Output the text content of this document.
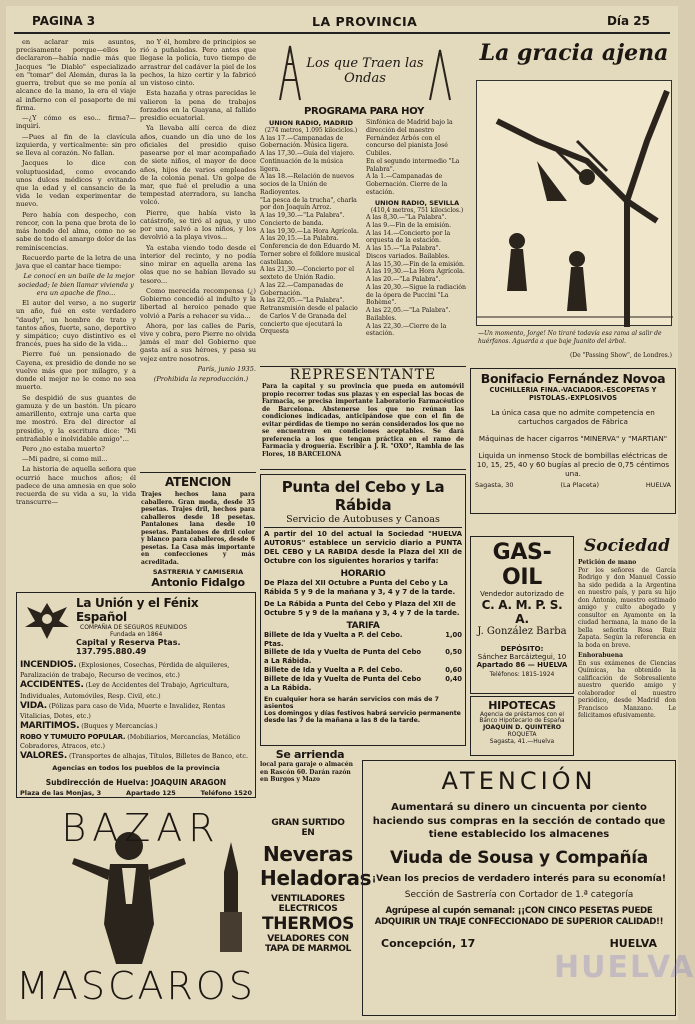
PAGINA 3	LA PROVINCIA	Día 25

en aclarar mis asuntos, precisamente porque—ellos lo declararon—había nadie más que Jacques "le Diablo" especializado en "tomar" del Alemán, duras la la guerra, trebut que se me ponía al alcance de la mano, la era el viaje al infierno con el pasaporte de mi firma.

—¿Y cómo es eso... firma?—inquirí.

—Pues al fin de la clavícula izquierda, y verticalmente: sin pro se lleva al corazón. No fallan.

Jacques lo dice con voluptuosidad, como evocando unos dulces médicos y evitando que la edad y el cansancio de la vida le vedan experimentar de nuevo.

Pero había con despecho, con rencor, con la pena que brota de lo más hondo del alma, como no se sabe de todo el amargo dolor de las reminiscencias.

Recuerdo parte de la letra de una java que el cantar hace tiempo:

Le conocí en un baile de la mejor sociedad; le bien llamar vivienda y era un apache de fino...

El autor del verso, a no sugerir un año, fué en este verdadero "daudy", un hombre de trato y tantos años, fuerte, sano, deportivo y simpático; cuyo distintivo es el francés, pues ha sido de la vida...

Pierre fué un pensionado de Cayena, ex presidio de donde no se vuelve más que por milagro, y a donde el mejor no le como no sea muerto.

Se despidió de sus guantes de gamuza y de un bastón. Un pícaro amarillento, extraje una carta que me mostró. Era del director al presidio, y la escritura dice: "Mi entrañable e inolvidable amigo"...

Pero ¿no estaba muerto?

—Mi padre, si como mil...

La historia de aquella señora que ocurrió hace muchos años; él padece de una amnesia en que solo recuerda de su vida a su, la vida transcurre—

no Y él, hombre de principios se rió a puñaladas. Pero antes que llegase la policía, tuvo tiempo de arrastrar del cadáver la piel de los pechos, la hizo certir y la fabricó un vistoso cinto.

Esta hazaña y otras parecidas le valieron la pena de trabajos forzados en la Guayana, al fallido presidio ecuatorial.

Ya llevaba allí cerca de diez años, cuando un día uno de los oficiales del presidio quiso pasearse por el mar acompañado de siete niños, el mayor de doce años, hijos de varios empleados de la colonia penal. Un golpe de mar, que fué el preludio a una tempestad aterradora, su lancha volcó.

Pierre, que había visto la catástrofe, se tiró al agua, y uno por uno, salvó a los niños, y los devolvió a la playa vivos...

Ya estaba viendo todo desde el interior del recinto, y no podía sino mirar en aquella arena las olas que no se habían llevado su tesoro...

Como merecida recompensa (¿) Gobierno concedió al indulto y la libertad al heroico penado que volvió a París a rehacer su vida...

Ahora, por las calles de París, vive y cobra, pero Pierre no olvida jamás el mar del Gobierno que gasta así a sus héroes, y pasa su vejez entre nosotros.

París, junio 1935.

(Prohibida la reproducción.)

ATENCION
Trajes hechos lana para caballero. Gran moda, desde 35 pesetas. Trajes dril, hechos para caballeros desde 18 pesetas. Pantalones lana desde 10 pesetas. Pantalones de dril color y blanco para caballeros, desde 6 pesetas. La Casa más importante en confecciones y más acreditada.
SASTRERIA Y CAMISERIA
Antonio Fidalgo
La Unión y el Fénix Español
COMPAÑIA DE SEGUROS REUNIDOS
Fundada en 1864
Capital y Reserva Ptas. 137.795.880.49
INCENDIOS. (Explosiones, Cosechas, Pérdida de alquileres, Paralización de trabajo, Recurso de vecinos, etc.)
ACCIDENTES. (Ley de Accidentes del Trabajo, Agricultura, Individuales, Automóviles, Resp. Civil, etc.)
VIDA. (Pólizas para caso de Vida, Muerte e Invalidez, Rentas Vitalicias, Dotes, etc.)
MARITIMOS. (Buques y Mercancías.)
ROBO Y TUMULTO POPULAR. (Mobiliarios, Mercancías, Metálico Cobradores, Atracos, etc.)
VALORES. (Transportes de alhajas, Títulos, Billetes de Banco, etc.
Agencias en todos los pueblos de la provincia
Subdirección de Huelva: JOAQUIN ARAGON
Plaza de las Monjas, 3	Apartado 125	Teléfono 1520
BAZAR
MASCAROS
GRAN SURTIDO
EN
Neveras
Heladoras
VENTILADORES
ELECTRICOS
THERMOS
VELADORES CON
TAPA DE MARMOL
Los que Traen las Ondas
PROGRAMA PARA HOY
UNION RADIO, MADRID
(274 metros, 1.095 kilociclos.)
A las 17.—Campanadas de Gobernación. Música ligera.
A las 17,30.—Guía del viajero. Continuación de la música ligera.
A las 18.—Relación de nuevos socios de la Unión de Radioyentes.
"La pesca de la trucha", charla por don Joaquín Arroz.
A las 19,30.—"La Palabra". Concierto de banda.
A las 19,30.—La Hora Agrícola.
A las 20,15.—La Palabra. Conferencia de don Eduardo M. Torner sobre el folklore musical castellano.
A las 21,30.—Concierto por el sexteto de Unión Radio.
A las 22.—Campanadas de Gobernación.
A las 22,05.—"La Palabra". Retransmisión desde el palacio de Carlos V de Granada del concierto que ejecutará la Orquesta
Sinfónica de Madrid bajo la dirección del maestro Fernández Arbós con el concurso del pianista José Cubiles.
En el segundo intermedio "La Palabra".
A la 1.—Campanadas de Gobernación. Cierre de la estación.
UNION RADIO, SEVILLA
(410,4 metros, 751 kilociclos.)
A las 8,30.—"La Palabra".
A las 9.—Fin de la emisión.
A las 14.—Concierto por la orquesta de la estación.
A las 15.—"La Palabra".
Discos variados. Bailables.
A las 15,30.—Fin de la emisión.
A las 19,30.—La Hora Agrícola.
A las 20.—"La Palabra".
A las 20,30.—Sigue la radiación de la ópera de Puccini "La Bohème".
A las 22,05.—"La Palabra". Bailables.
A las 22,30.—Cierre de la estación.
La gracia ajena
—Un momento, Jorge! No tiraré todavía esa rama al salir de huérfanos. Aguarda a que baje Juanito del árbol.
(De "Passing Show", de Londres.)
REPRESENTANTE
Para la capital y su provincia que pueda en automóvil propio recorrer todas sus plazas y en especial las bocas de Farmacia, se precisa importante Laboratorio Farmacéutico de Barcelona. Abstenerse los que no reúnan las condiciones indicadas, anticipándose que con el fin de evitar pérdidas de tiempo no serán considerados los que no se encuentren en condiciones aceptables. Se dará preferencia a los que tengan práctica en el ramo de Farmacia y droguería. Escribir a J. R. "OXO", Rambla de las Flores, 18 BARCELONA
Bonifacio Fernández Novoa
CUCHILLERIA FINA.-VACIADOR.-ESCOPETAS Y PISTOLAS.-EXPLOSIVOS
La única casa que no admite competencia en cartuchos cargados de Fábrica
Máquinas de hacer cigarros "MINERVA" y "MARTIAN"
Liquida un inmenso Stock de bombillas eléctricas de 10, 15, 25, 40 y 60 bugías al precio de 0,75 céntimos una.
Sagasta, 30	(La Placeta)	HUELVA
Punta del Cebo y La Rábida
Servicio de Autobuses y Canoas
A partir del 10 del actual la Sociedad "HUELVA AUTORUS" establece un servicio diario a PUNTA DEL CEBO y LA RABIDA desde la Plaza del XII de Octubre con los siguientes horarios y tarifa:
HORARIO
De Plaza del XII Octubre a Punta del Cebo y La Rábida 5 y 9 de la mañana y 3, 4 y 7 de la tarde.
De La Rábida a Punta del Cebo y Plaza del XII de Octubre 5 y 9 de la mañana y 3, 4 y 7 de la tarde.
TARIFA
Billete de Ida y Vuelta a P. del Cebo. Ptas.
1,00
Billete de Ida y Vuelta de Punta del Cebo a La Rábida.
0,50
Billete de Ida y Vuelta a P. del Cebo.	0,60
Billete de Ida y Vuelta de Punta del Cebo a La Rábida.
0,40
En cualquier hora se harán servicios con más de 7 asientos
Los domingos y días festivos habrá servicio permanente desde las 7 de la mañana a las 8 de la tarde.
GAS-OIL
Vendedor autorizado de
C. A. M. P. S. A.
J. González Barba
DEPÓSITO:
Sánchez Barcáiztegui, 10
Apartado 86 — HUELVA
Teléfonos: 1815-1924
HIPOTECAS
Agencia de préstamos con el Banco Hipotecario de España
JOAQUIN D. QUINTERO
ROQUETA
Sagasta, 41.—Huelva
Sociedad
Petición de mano
Por los señores de García Rodrigo y don Manuel Cossío ha sido pedida a la Argentina en nuestro país, y para su hijo don Antonio, muestro estimado amigo y culto abogado y consultor en Ayamonte en la ciudad hermana, la mano de la bella señorita Rosa Ruiz Zapata. Según la referencia en la boda en breve.
Enhorabuena
En sus exámenes de Ciencias Químicas, ha obtenido la calificación de Sobresaliente nuestro querido amigo y colaborador el nuestro periódico, desde Madrid don Francisco Manzano. Le felicitamos efusivamente.
Se arrienda
local para garaje o almacén en Rascón 60. Darán razón en Burgos y Mazo	ATENCIÓN
Aumentará su dinero un cincuenta por ciento haciendo sus compras en la sección de contado que tiene establecido los almacenes
Viuda de Sousa y Compañía
¡Vean los precios de verdadero interés para su economía!
Sección de Sastrería con Cortador de 1.ª categoría
Agrúpese al cupón semanal: ¡¡CON CINCO PESETAS PUEDE ADQUIRIR UN TRAJE CONFECCIONADO DE SUPERIOR CALIDAD!!
Concepción, 17	HUELVA
HUELVA
